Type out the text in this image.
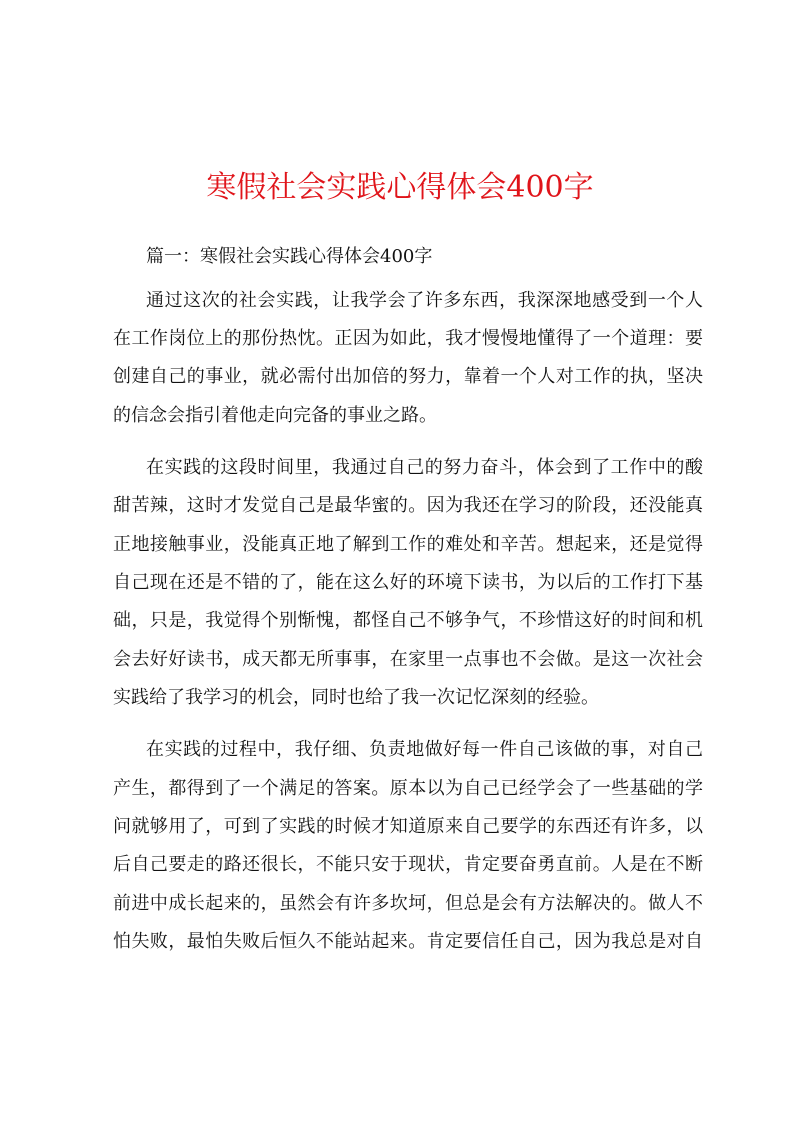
寒假社会实践心得体会400字
篇一：寒假社会实践心得体会400字
通过这次的社会实践，让我学会了许多东西，我深深地感受到一个人
在工作岗位上的那份热忱。正因为如此，我才慢慢地懂得了一个道理：要
创建自己的事业，就必需付出加倍的努力，靠着一个人对工作的执，坚决
的信念会指引着他走向完备的事业之路。
在实践的这段时间里，我通过自己的努力奋斗，体会到了工作中的酸
甜苦辣，这时才发觉自己是最华蜜的。因为我还在学习的阶段，还没能真
正地接触事业，没能真正地了解到工作的难处和辛苦。想起来，还是觉得
自己现在还是不错的了，能在这么好的环境下读书，为以后的工作打下基
础，只是，我觉得个别惭愧，都怪自己不够争气，不珍惜这好的时间和机
会去好好读书，成天都无所事事，在家里一点事也不会做。是这一次社会
实践给了我学习的机会，同时也给了我一次记忆深刻的经验。
在实践的过程中，我仔细、负责地做好每一件自己该做的事，对自己
产生，都得到了一个满足的答案。原本以为自己已经学会了一些基础的学
问就够用了，可到了实践的时候才知道原来自己要学的东西还有许多，以
后自己要走的路还很长，不能只安于现状，肯定要奋勇直前。人是在不断
前进中成长起来的，虽然会有许多坎坷，但总是会有方法解决的。做人不
怕失败，最怕失败后恒久不能站起来。肯定要信任自己，因为我总是对自
